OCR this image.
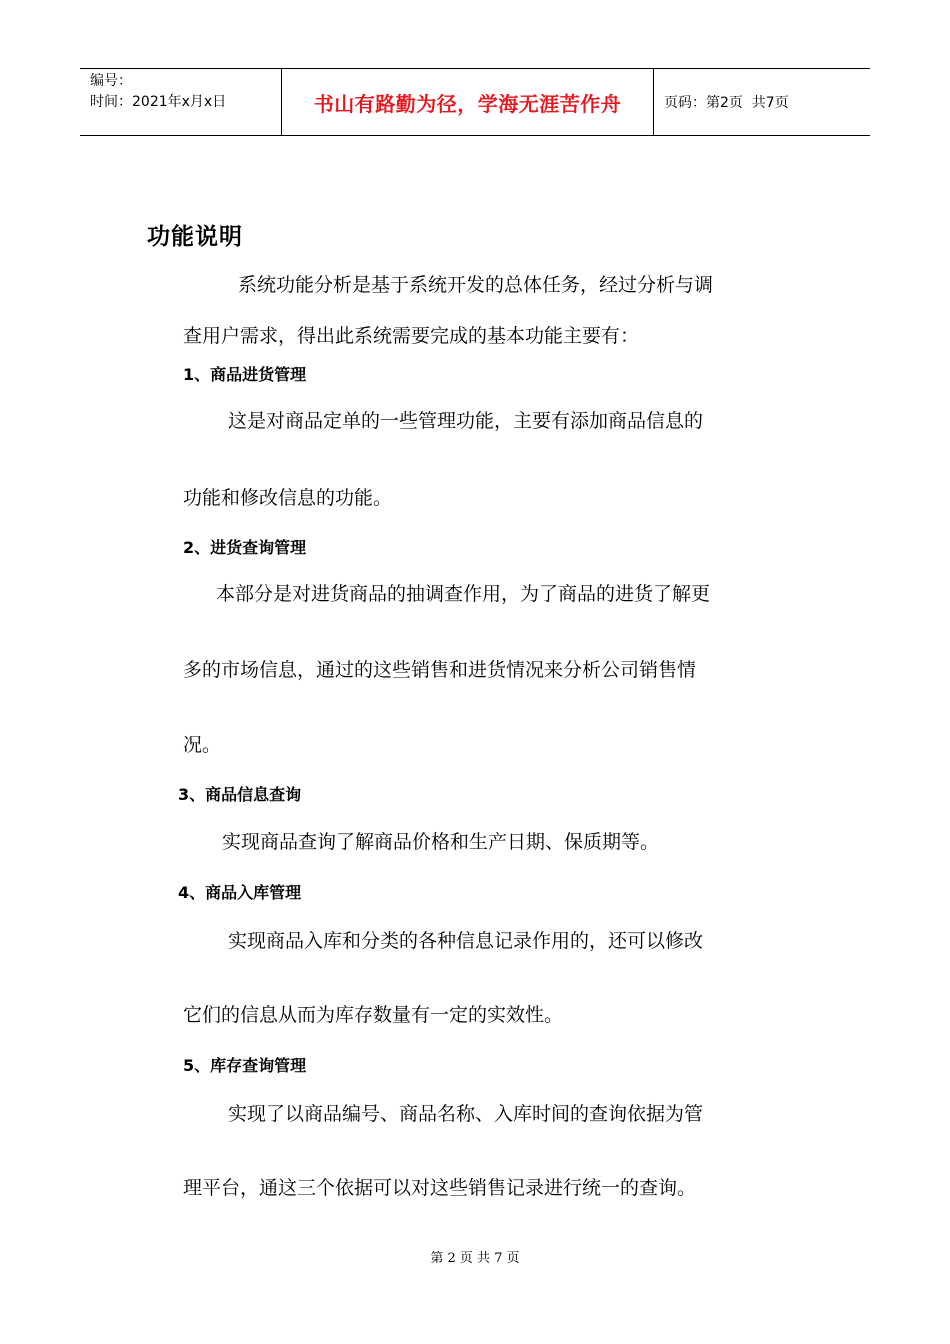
编号：
时间：2021年x月x日	书山有路勤为径，学海无涯苦作舟	页码：第2页  共7页
功能说明
系统功能分析是基于系统开发的总体任务，经过分析与调
查用户需求，得出此系统需要完成的基本功能主要有：
1、商品进货管理
这是对商品定单的一些管理功能，主要有添加商品信息的
功能和修改信息的功能。
2、进货查询管理
本部分是对进货商品的抽调查作用，为了商品的进货了解更
多的市场信息，通过的这些销售和进货情况来分析公司销售情
况。
3、商品信息查询
实现商品查询了解商品价格和生产日期、保质期等。
4、商品入库管理
实现商品入库和分类的各种信息记录作用的，还可以修改
它们的信息从而为库存数量有一定的实效性。
5、库存查询管理
实现了以商品编号、商品名称、入库时间的查询依据为管
理平台，通这三个依据可以对这些销售记录进行统一的查询。
第 2 页 共 7 页
